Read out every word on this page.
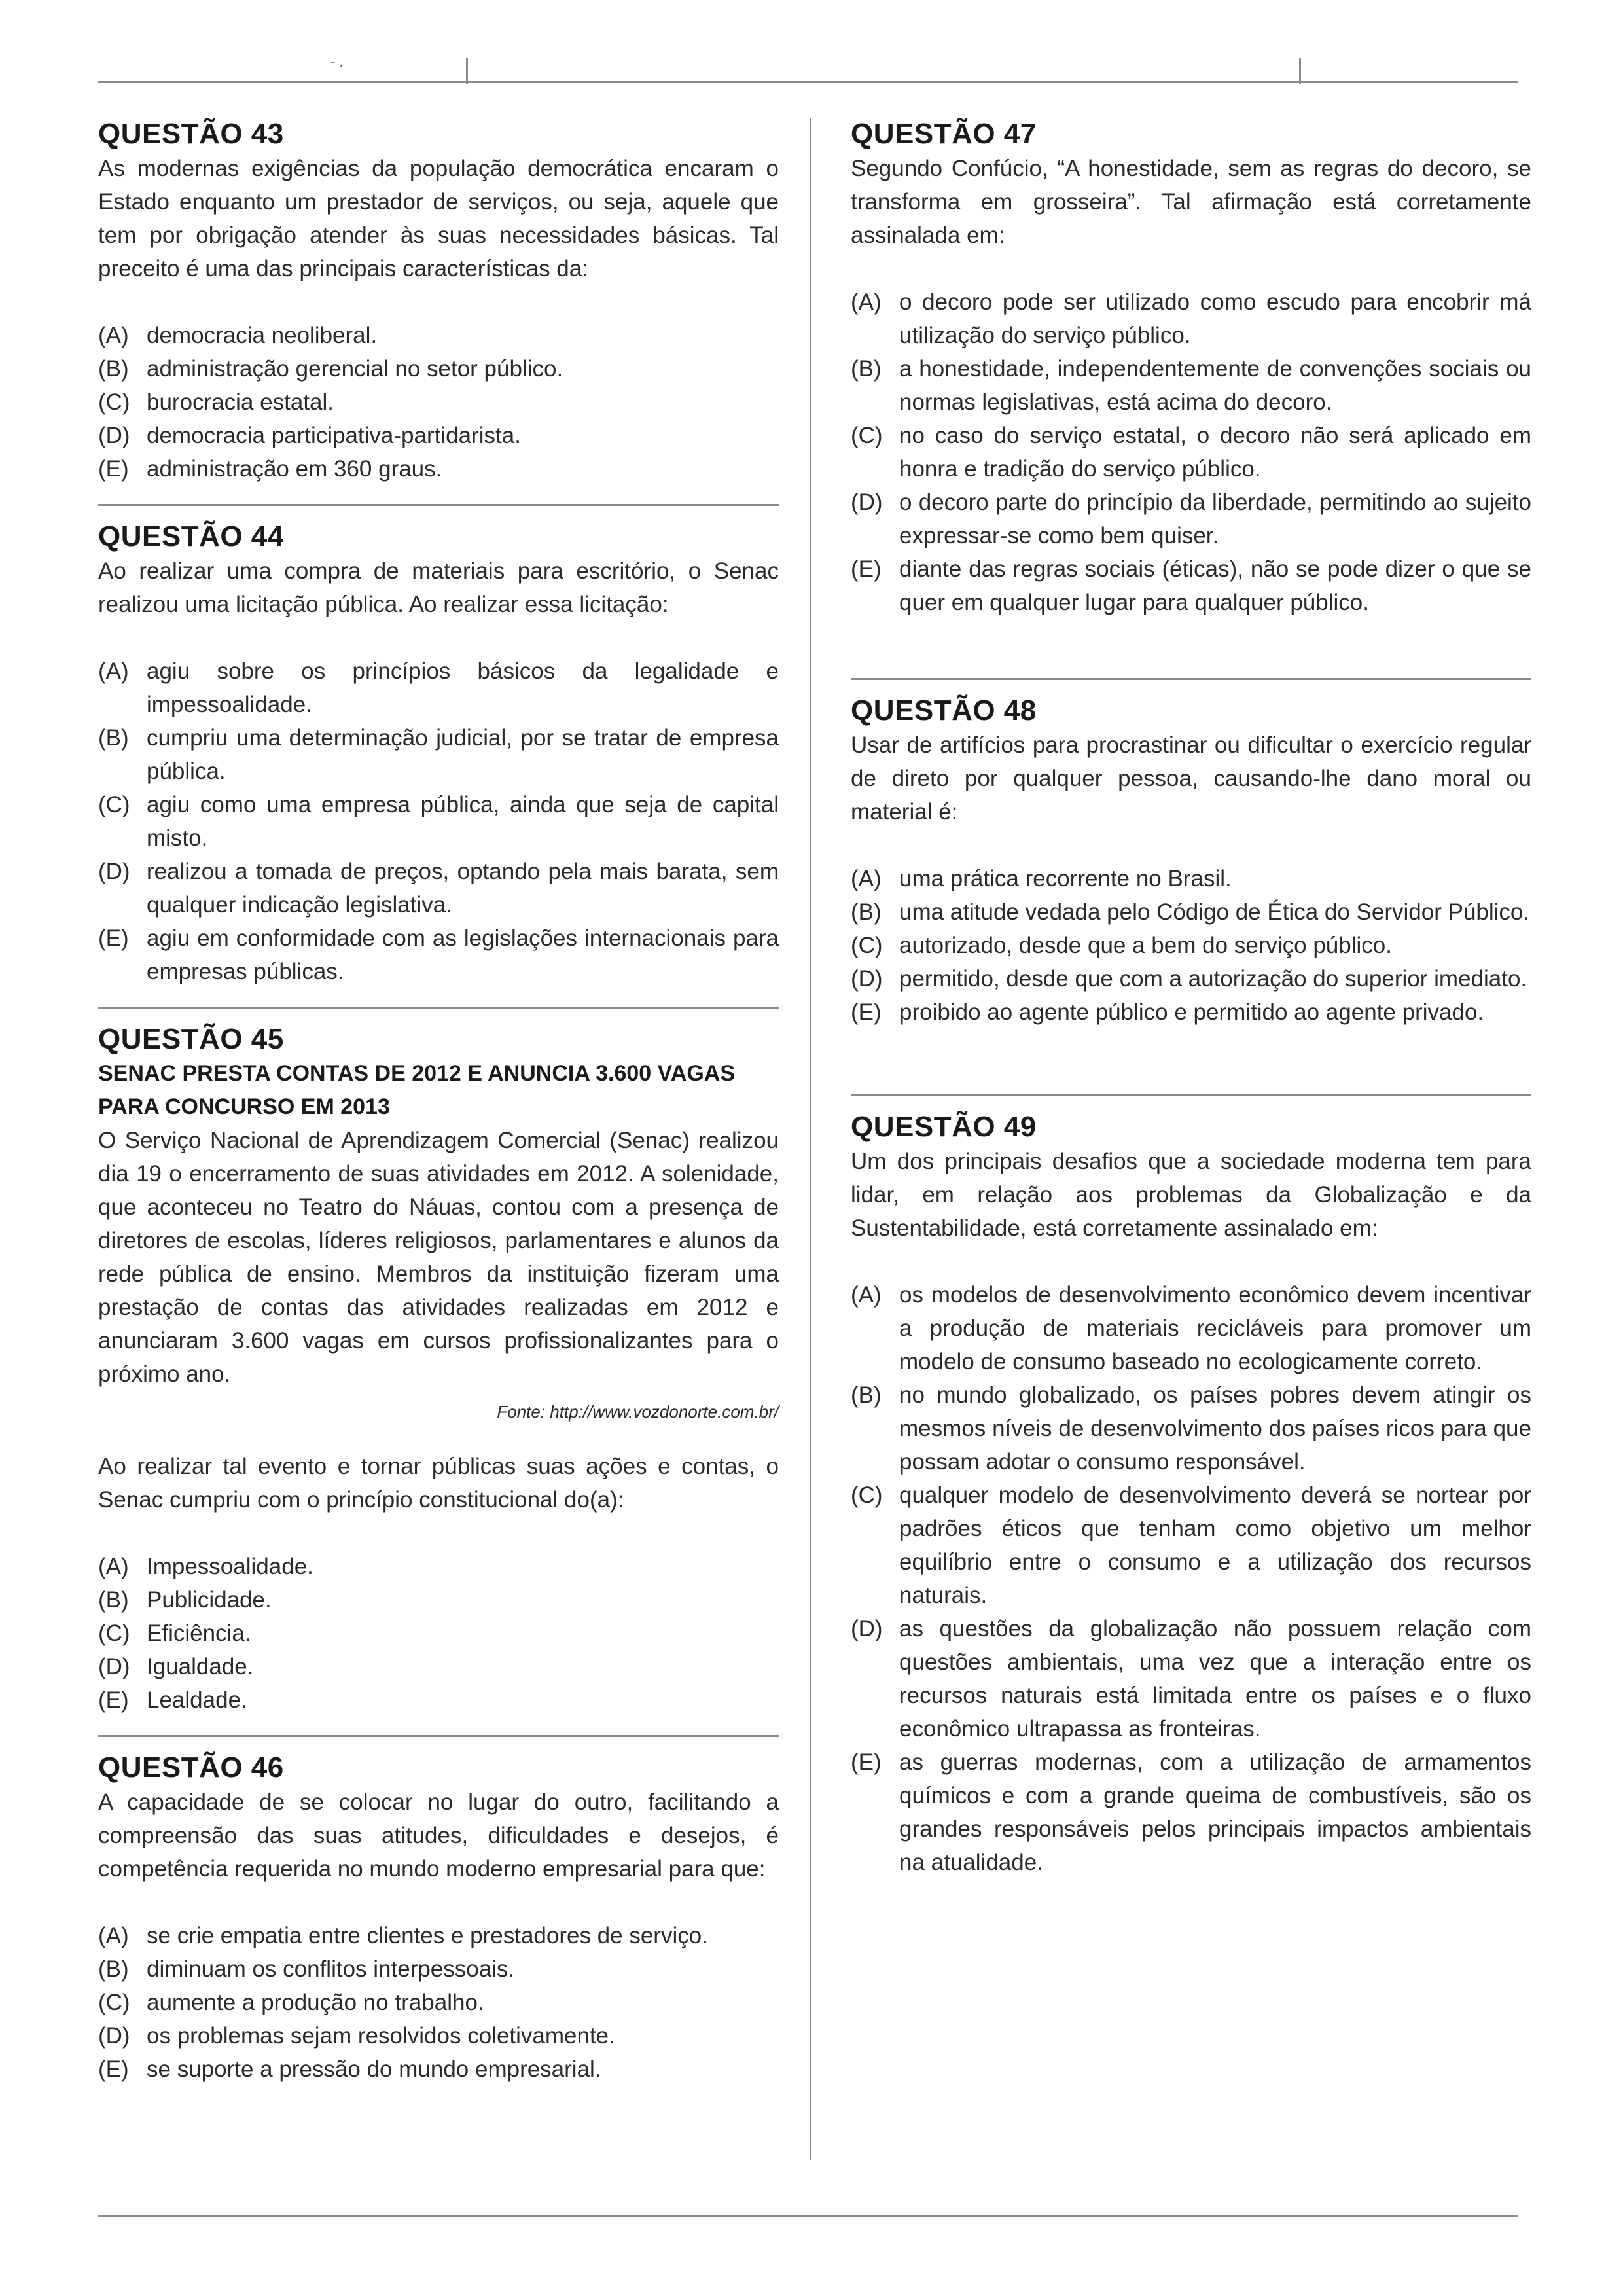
- .
QUESTÃO 43
As modernas exigências da população democrática encaram o Estado enquanto um prestador de serviços, ou seja, aquele que tem por obrigação atender às suas necessidades básicas. Tal preceito é uma das principais características da:
(A) democracia neoliberal.
(B) administração gerencial no setor público.
(C) burocracia estatal.
(D) democracia participativa-partidarista.
(E) administração em 360 graus.
QUESTÃO 44
Ao realizar uma compra de materiais para escritório, o Senac realizou uma licitação pública. Ao realizar essa licitação:
(A) agiu sobre os princípios básicos da legalidade e impessoalidade.
(B) cumpriu uma determinação judicial, por se tratar de empresa pública.
(C) agiu como uma empresa pública, ainda que seja de capital misto.
(D) realizou a tomada de preços, optando pela mais barata, sem qualquer indicação legislativa.
(E) agiu em conformidade com as legislações internacionais para empresas públicas.
QUESTÃO 45
SENAC PRESTA CONTAS DE 2012 E ANUNCIA 3.600 VAGAS PARA CONCURSO EM 2013
O Serviço Nacional de Aprendizagem Comercial (Senac) realizou dia 19 o encerramento de suas atividades em 2012. A solenidade, que aconteceu no Teatro do Náuas, contou com a presença de diretores de escolas, líderes religiosos, parlamentares e alunos da rede pública de ensino. Membros da instituição fizeram uma prestação de contas das atividades realizadas em 2012 e anunciaram 3.600 vagas em cursos profissionalizantes para o próximo ano.
Fonte: http://www.vozdonorte.com.br/
Ao realizar tal evento e tornar públicas suas ações e contas, o Senac cumpriu com o princípio constitucional do(a):
(A) Impessoalidade.
(B) Publicidade.
(C) Eficiência.
(D) Igualdade.
(E) Lealdade.
QUESTÃO 46
A capacidade de se colocar no lugar do outro, facilitando a compreensão das suas atitudes, dificuldades e desejos, é competência requerida no mundo moderno empresarial para que:
(A) se crie empatia entre clientes e prestadores de serviço.
(B) diminuam os conflitos interpessoais.
(C) aumente a produção no trabalho.
(D) os problemas sejam resolvidos coletivamente.
(E) se suporte a pressão do mundo empresarial.
QUESTÃO 47
Segundo Confúcio, “A honestidade, sem as regras do decoro, se transforma em grosseira”. Tal afirmação está corretamente assinalada em:
(A) o decoro pode ser utilizado como escudo para encobrir má utilização do serviço público.
(B) a honestidade, independentemente de convenções sociais ou normas legislativas, está acima do decoro.
(C) no caso do serviço estatal, o decoro não será aplicado em honra e tradição do serviço público.
(D) o decoro parte do princípio da liberdade, permitindo ao sujeito expressar-se como bem quiser.
(E) diante das regras sociais (éticas), não se pode dizer o que se quer em qualquer lugar para qualquer público.
QUESTÃO 48
Usar de artifícios para procrastinar ou dificultar o exercício regular de direto por qualquer pessoa, causando-lhe dano moral ou material é:
(A) uma prática recorrente no Brasil.
(B) uma atitude vedada pelo Código de Ética do Servidor Público.
(C) autorizado, desde que a bem do serviço público.
(D) permitido, desde que com a autorização do superior imediato.
(E) proibido ao agente público e permitido ao agente privado.
QUESTÃO 49
Um dos principais desafios que a sociedade moderna tem para lidar, em relação aos problemas da Globalização e da Sustentabilidade, está corretamente assinalado em:
(A) os modelos de desenvolvimento econômico devem incentivar a produção de materiais recicláveis para promover um modelo de consumo baseado no ecologicamente correto.
(B) no mundo globalizado, os países pobres devem atingir os mesmos níveis de desenvolvimento dos países ricos para que possam adotar o consumo responsável.
(C) qualquer modelo de desenvolvimento deverá se nortear por padrões éticos que tenham como objetivo um melhor equilíbrio entre o consumo e a utilização dos recursos naturais.
(D) as questões da globalização não possuem relação com questões ambientais, uma vez que a interação entre os recursos naturais está limitada entre os países e o fluxo econômico ultrapassa as fronteiras.
(E) as guerras modernas, com a utilização de armamentos químicos e com a grande queima de combustíveis, são os grandes responsáveis pelos principais impactos ambientais na atualidade.
